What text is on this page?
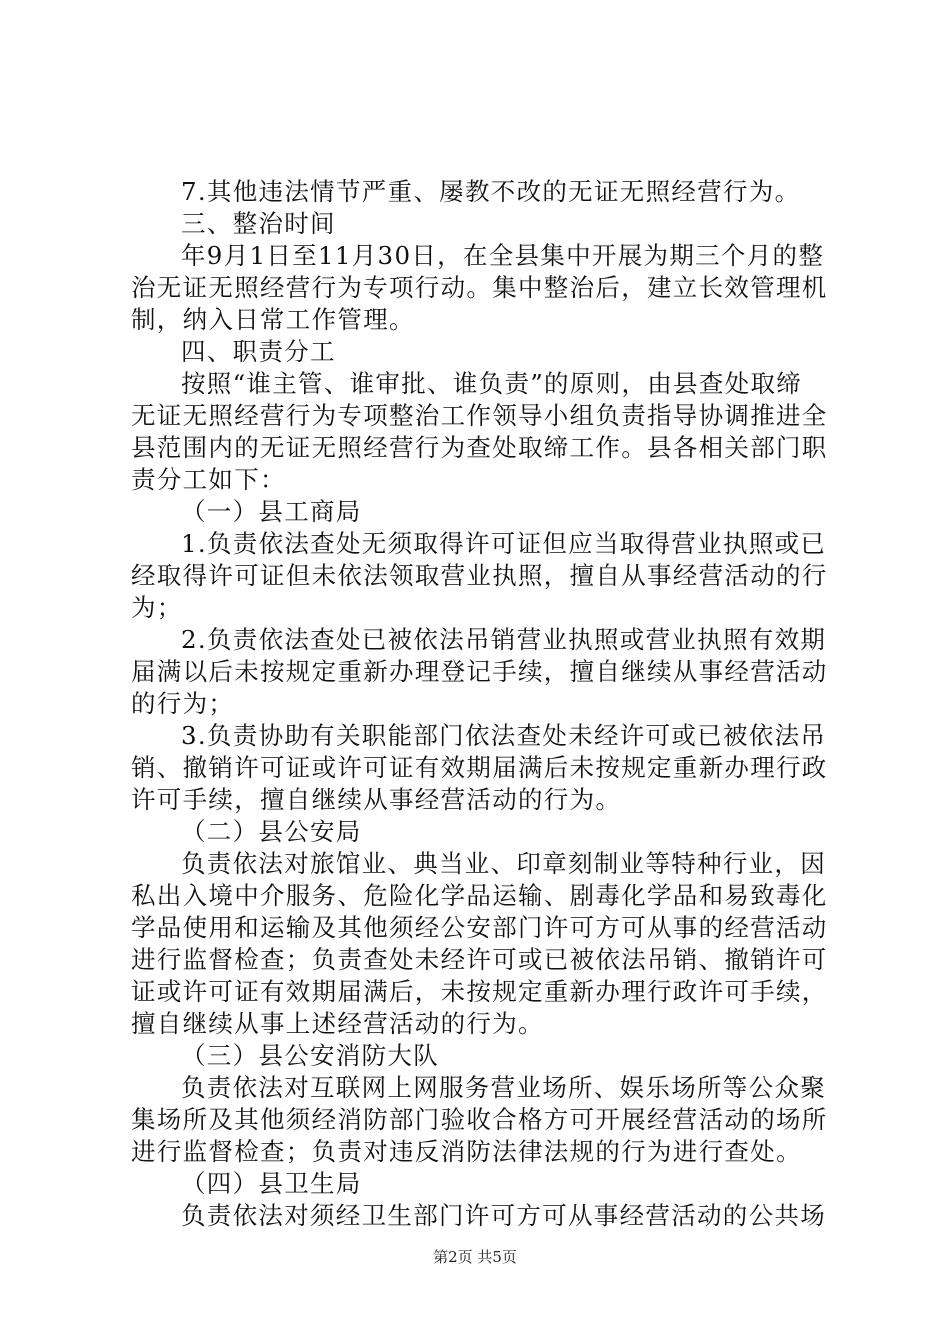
7.其他违法情节严重、屡教不改的无证无照经营行为。
三、整治时间
年9月1日至11月30日，在全县集中开展为期三个月的整
治无证无照经营行为专项行动。集中整治后，建立长效管理机
制，纳入日常工作管理。
四、职责分工
按照“谁主管、谁审批、谁负责”的原则，由县查处取缔
无证无照经营行为专项整治工作领导小组负责指导协调推进全
县范围内的无证无照经营行为查处取缔工作。县各相关部门职
责分工如下：
（一）县工商局
1.负责依法查处无须取得许可证但应当取得营业执照或已
经取得许可证但未依法领取营业执照，擅自从事经营活动的行
为；
2.负责依法查处已被依法吊销营业执照或营业执照有效期
届满以后未按规定重新办理登记手续，擅自继续从事经营活动
的行为；
3.负责协助有关职能部门依法查处未经许可或已被依法吊
销、撤销许可证或许可证有效期届满后未按规定重新办理行政
许可手续，擅自继续从事经营活动的行为。
（二）县公安局
负责依法对旅馆业、典当业、印章刻制业等特种行业，因
私出入境中介服务、危险化学品运输、剧毒化学品和易致毒化
学品使用和运输及其他须经公安部门许可方可从事的经营活动
进行监督检查；负责查处未经许可或已被依法吊销、撤销许可
证或许可证有效期届满后，未按规定重新办理行政许可手续，
擅自继续从事上述经营活动的行为。
（三）县公安消防大队
负责依法对互联网上网服务营业场所、娱乐场所等公众聚
集场所及其他须经消防部门验收合格方可开展经营活动的场所
进行监督检查；负责对违反消防法律法规的行为进行查处。
（四）县卫生局
负责依法对须经卫生部门许可方可从事经营活动的公共场
第2页 共5页
